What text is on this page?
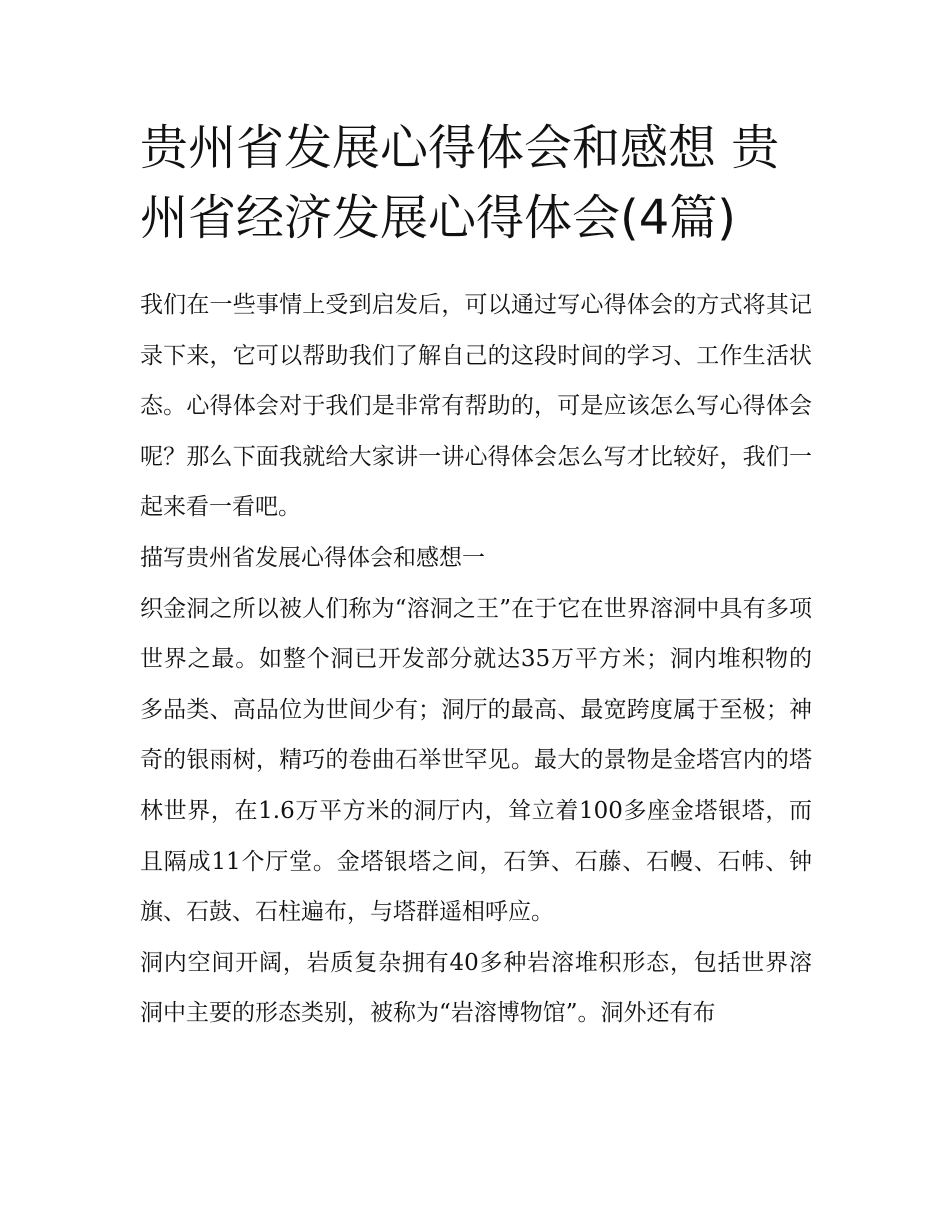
贵州省发展心得体会和感想 贵州省经济发展心得体会(4篇)

我们在一些事情上受到启发后，可以通过写心得体会的方式将其记录下来，它可以帮助我们了解自己的这段时间的学习、工作生活状态。心得体会对于我们是非常有帮助的，可是应该怎么写心得体会呢？那么下面我就给大家讲一讲心得体会怎么写才比较好，我们一起来看一看吧。

描写贵州省发展心得体会和感想一

织金洞之所以被人们称为“溶洞之王”在于它在世界溶洞中具有多项世界之最。如整个洞已开发部分就达35万平方米；洞内堆积物的多品类、高品位为世间少有；洞厅的最高、最宽跨度属于至极；神奇的银雨树，精巧的卷曲石举世罕见。最大的景物是金塔宫内的塔林世界，在1.6万平方米的洞厅内，耸立着100多座金塔银塔，而且隔成11个厅堂。金塔银塔之间，石笋、石藤、石幔、石帏、钟旗、石鼓、石柱遍布，与塔群遥相呼应。

洞内空间开阔，岩质复杂拥有40多种岩溶堆积形态，包括世界溶洞中主要的形态类别，被称为“岩溶博物馆”。洞外还有布
